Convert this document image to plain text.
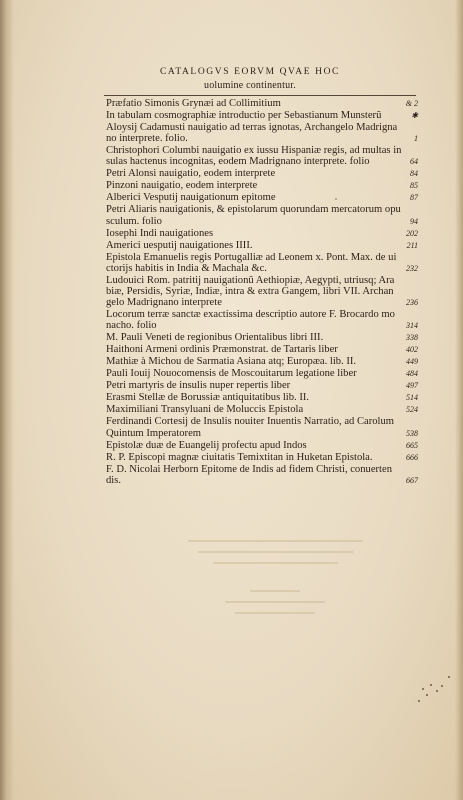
CATALOGVS EORVM QVAE HOC
uolumine continentur.
Præfatio Simonis Grynæi ad Collimitium	& 2
In tabulam cosmographiæ introductio per Sebastianum Munsterũ	✱
Aloysij Cadamusti nauigatio ad terras ignotas, Archangelo Madrigna no interprete. folio.	1
Christophori Columbi nauigatio ex iussu Hispaniæ regis, ad multas in sulas hactenus incognitas, eodem Madrignano interprete. folio	64
Petri Alonsi nauigatio, eodem interprete	84
Pinzoni nauigatio, eodem interprete	85
Alberici Vesputij nauigationum epitome	87
Petri Aliaris nauigationis, & epistolarum quorundam mercatorum opu sculum. folio	94
Iosephi Indi nauigationes	202
Americi uesputij nauigationes IIII.	211
Epistola Emanuelis regis Portugalliæ ad Leonem x. Pont. Max. de ui ctorijs habitis in India & Machala &c.	232
Ludouici Rom. patritij nauigationũ Aethiopiæ, Aegypti, utriusq; Ara biæ, Persidis, Syriæ, Indiæ, intra & extra Gangem, libri VII. Archan gelo Madrignano interprete	236
Locorum terræ sanctæ exactissima descriptio autore F. Brocardo mo nacho. folio	314
M. Pauli Veneti de regionibus Orientalibus libri III.	338
Haithoni Armeni ordinis Præmonstrat. de Tartaris liber	402
Mathiæ à Michou de Sarmatia Asiana atq; Europæa. lib. II.	449
Pauli Iouij Nouocomensis de Moscouitarum legatione liber	484
Petri martyris de insulis nuper repertis liber	497
Erasmi Stellæ de Borussiæ antiquitatibus lib. II.	514
Maximiliani Transyluani de Moluccis Epistola	524
Ferdinandi Cortesij de Insulis nouiter Inuentis Narratio, ad Carolum Quintum Imperatorem	538
Epistolæ duæ de Euangelij profectu apud Indos	665
R. P. Episcopi magnæ ciuitatis Temixtitan in Huketan Epistola.	666
F. D. Nicolai Herborn Epitome de Indis ad fidem Christi, conuerten dis.	667
